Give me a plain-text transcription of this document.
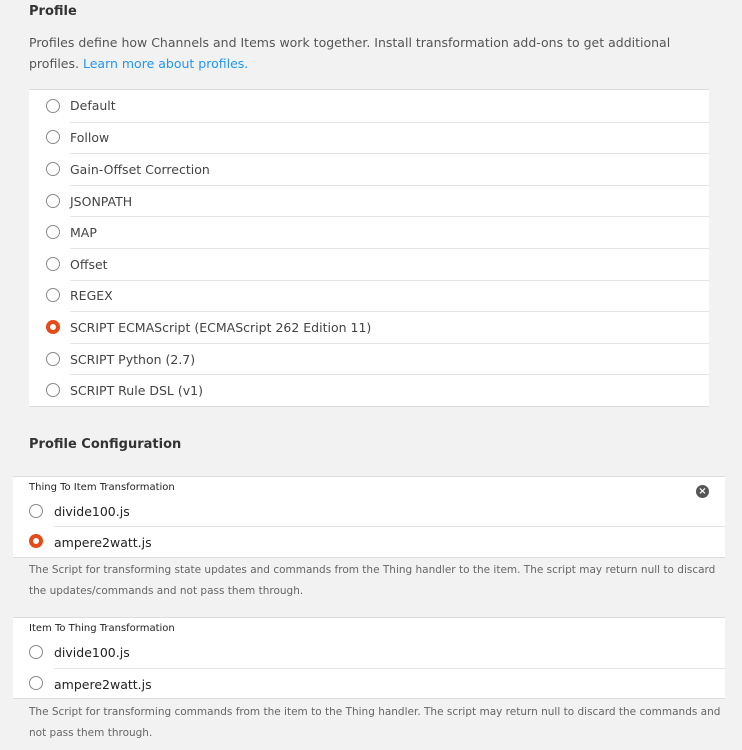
Profile
Profiles define how Channels and Items work together. Install transformation add-ons to get additional profiles. Learn more about profiles.
Default
Follow
Gain-Offset Correction
JSONPATH
MAP
Offset
REGEX
SCRIPT ECMAScript (ECMAScript 262 Edition 11)
SCRIPT Python (2.7)
SCRIPT Rule DSL (v1)
Profile Configuration
Thing To Item Transformation	×
divide100.js
ampere2watt.js
The Script for transforming state updates and commands from the Thing handler to the item. The script may return null to discard the updates/commands and not pass them through.
Item To Thing Transformation
divide100.js
ampere2watt.js
The Script for transforming commands from the item to the Thing handler. The script may return null to discard the commands and not pass them through.
